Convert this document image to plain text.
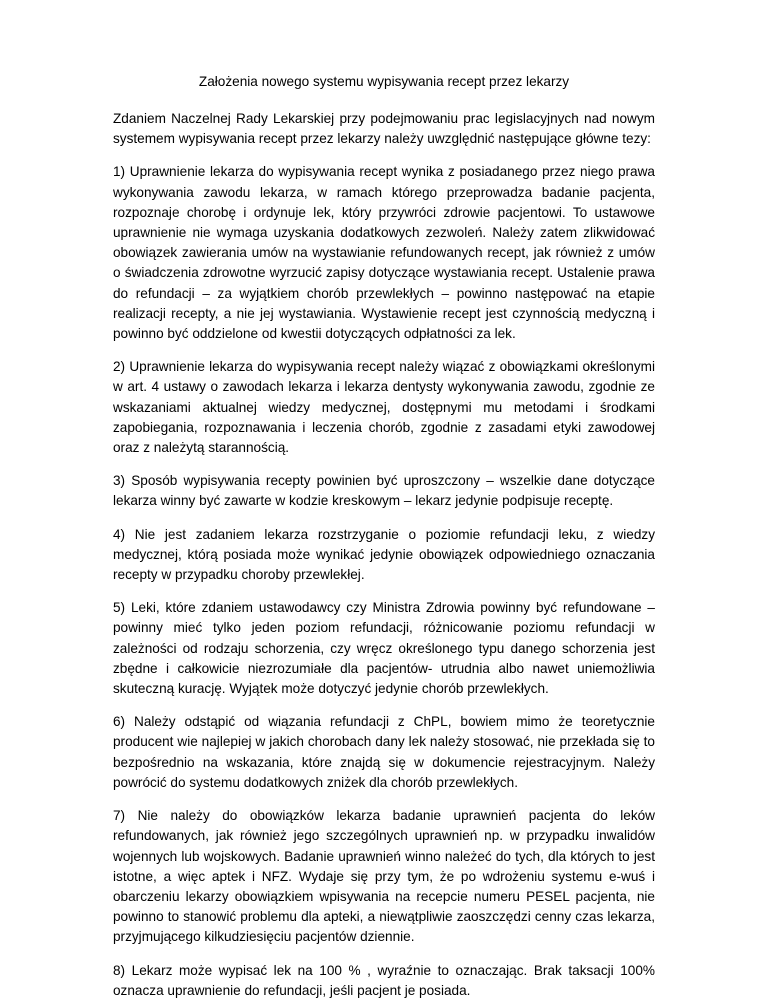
Założenia nowego systemu wypisywania recept przez lekarzy

Zdaniem Naczelnej Rady Lekarskiej przy podejmowaniu prac legislacyjnych nad nowym systemem wypisywania recept przez lekarzy należy uwzględnić następujące główne tezy:

1) Uprawnienie lekarza do wypisywania recept wynika z posiadanego przez niego prawa wykonywania zawodu lekarza, w ramach którego przeprowadza badanie pacjenta, rozpoznaje chorobę i ordynuje lek, który przywróci zdrowie pacjentowi. To ustawowe uprawnienie nie wymaga uzyskania dodatkowych zezwoleń. Należy zatem zlikwidować obowiązek zawierania umów na wystawianie refundowanych recept, jak również z umów o świadczenia zdrowotne wyrzucić zapisy dotyczące wystawiania recept. Ustalenie prawa do refundacji – za wyjątkiem chorób przewlekłych – powinno następować na etapie realizacji recepty, a nie jej wystawiania. Wystawienie recept jest czynnością medyczną i powinno być oddzielone od kwestii dotyczących odpłatności za lek.

2) Uprawnienie lekarza do wypisywania recept należy wiązać z obowiązkami określonymi w art. 4 ustawy o zawodach lekarza i lekarza dentysty wykonywania zawodu, zgodnie ze wskazaniami aktualnej wiedzy medycznej, dostępnymi mu metodami i środkami zapobiegania, rozpoznawania i leczenia chorób, zgodnie z zasadami etyki zawodowej oraz z należytą starannością.

3) Sposób wypisywania recepty powinien być uproszczony – wszelkie dane dotyczące lekarza winny być zawarte w kodzie kreskowym – lekarz jedynie podpisuje receptę.

4) Nie jest zadaniem lekarza rozstrzyganie o poziomie refundacji leku, z wiedzy medycznej, którą posiada może wynikać jedynie obowiązek odpowiedniego oznaczania recepty w przypadku choroby przewlekłej.

5) Leki, które zdaniem ustawodawcy czy Ministra Zdrowia powinny być refundowane – powinny mieć tylko jeden poziom refundacji, różnicowanie poziomu refundacji w zależności od rodzaju schorzenia, czy wręcz określonego typu danego schorzenia jest zbędne i całkowicie niezrozumiałe dla pacjentów- utrudnia albo nawet uniemożliwia skuteczną kurację. Wyjątek może dotyczyć jedynie chorób przewlekłych.

6) Należy odstąpić od wiązania refundacji z ChPL, bowiem mimo że teoretycznie producent wie najlepiej w jakich chorobach dany lek należy stosować, nie przekłada się to bezpośrednio na wskazania, które znajdą się w dokumencie rejestracyjnym. Należy powrócić do systemu dodatkowych zniżek dla chorób przewlekłych.

7) Nie należy do obowiązków lekarza badanie uprawnień pacjenta do leków refundowanych, jak również jego szczególnych uprawnień np. w przypadku inwalidów wojennych lub wojskowych. Badanie uprawnień winno należeć do tych, dla których to jest istotne, a więc aptek i NFZ. Wydaje się przy tym, że po wdrożeniu systemu e-wuś i obarczeniu lekarzy obowiązkiem wpisywania na recepcie numeru PESEL pacjenta, nie powinno to stanowić problemu dla apteki, a niewątpliwie zaoszczędzi cenny czas lekarza, przyjmującego kilkudziesięciu pacjentów dziennie.

8) Lekarz może wypisać lek na 100 % , wyraźnie to oznaczając. Brak taksacji 100% oznacza uprawnienie do refundacji, jeśli pacjent je posiada.
